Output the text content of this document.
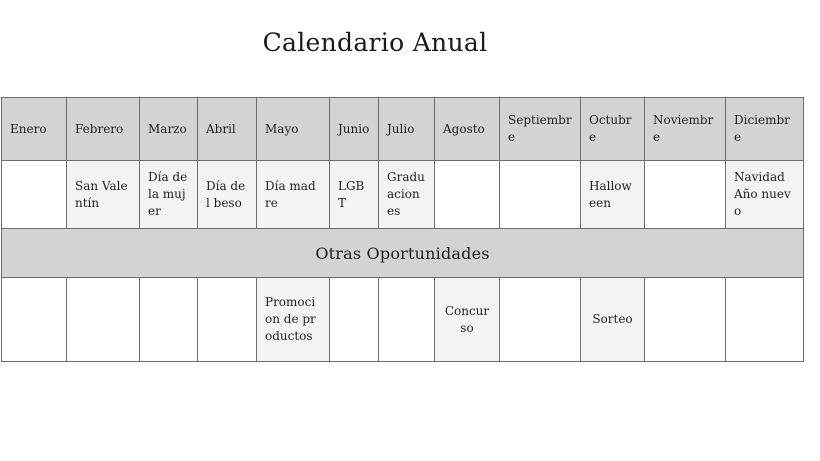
Calendario Anual
Enero	Febrero	Marzo	Abril	Mayo	Junio	Julio	Agosto	Septiembre	Octubre	Noviembre	Diciembre
	San Valentín	Día de la mujer	Día del beso	Día madre	LGBT	Graduaciones			Halloween		Navidad Año nuevo
Otras Oportunidades											
				Promocion de productos			Concurso		Sorteo		
